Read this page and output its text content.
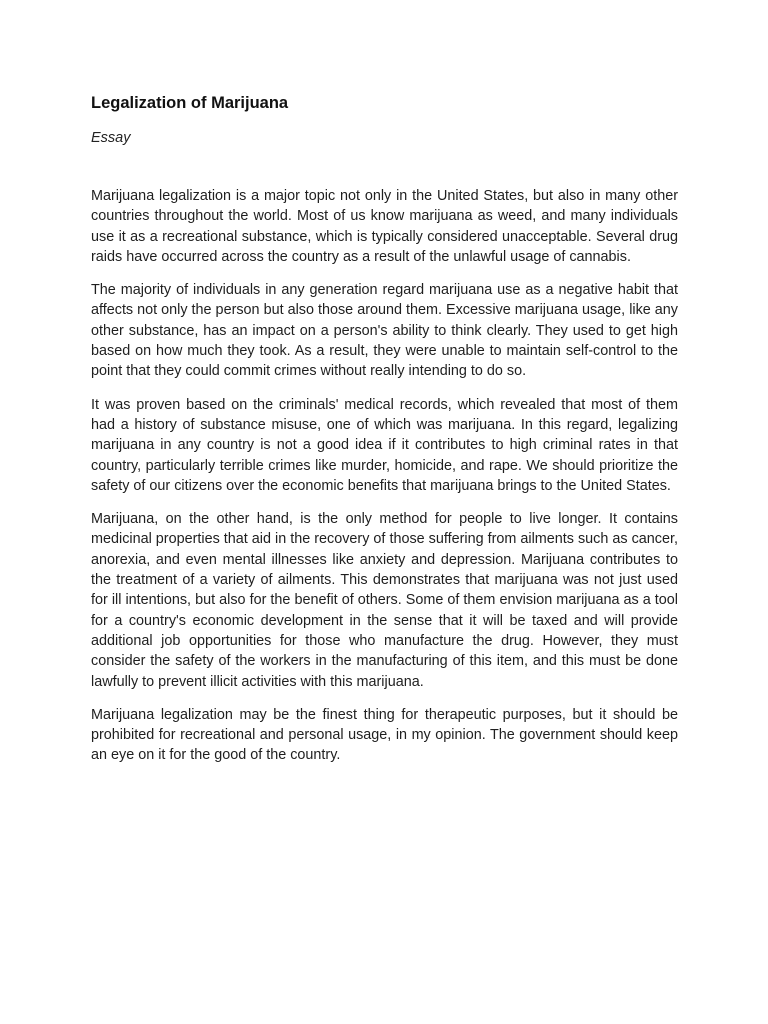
Legalization of Marijuana

Essay

Marijuana legalization is a major topic not only in the United States, but also in many other countries throughout the world. Most of us know marijuana as weed, and many individuals use it as a recreational substance, which is typically considered unacceptable. Several drug raids have occurred across the country as a result of the unlawful usage of cannabis.

The majority of individuals in any generation regard marijuana use as a negative habit that affects not only the person but also those around them. Excessive marijuana usage, like any other substance, has an impact on a person's ability to think clearly. They used to get high based on how much they took. As a result, they were unable to maintain self-control to the point that they could commit crimes without really intending to do so.

It was proven based on the criminals' medical records, which revealed that most of them had a history of substance misuse, one of which was marijuana. In this regard, legalizing marijuana in any country is not a good idea if it contributes to high criminal rates in that country, particularly terrible crimes like murder, homicide, and rape. We should prioritize the safety of our citizens over the economic benefits that marijuana brings to the United States.

Marijuana, on the other hand, is the only method for people to live longer. It contains medicinal properties that aid in the recovery of those suffering from ailments such as cancer, anorexia, and even mental illnesses like anxiety and depression. Marijuana contributes to the treatment of a variety of ailments. This demonstrates that marijuana was not just used for ill intentions, but also for the benefit of others. Some of them envision marijuana as a tool for a country's economic development in the sense that it will be taxed and will provide additional job opportunities for those who manufacture the drug. However, they must consider the safety of the workers in the manufacturing of this item, and this must be done lawfully to prevent illicit activities with this marijuana.

Marijuana legalization may be the finest thing for therapeutic purposes, but it should be prohibited for recreational and personal usage, in my opinion. The government should keep an eye on it for the good of the country.
